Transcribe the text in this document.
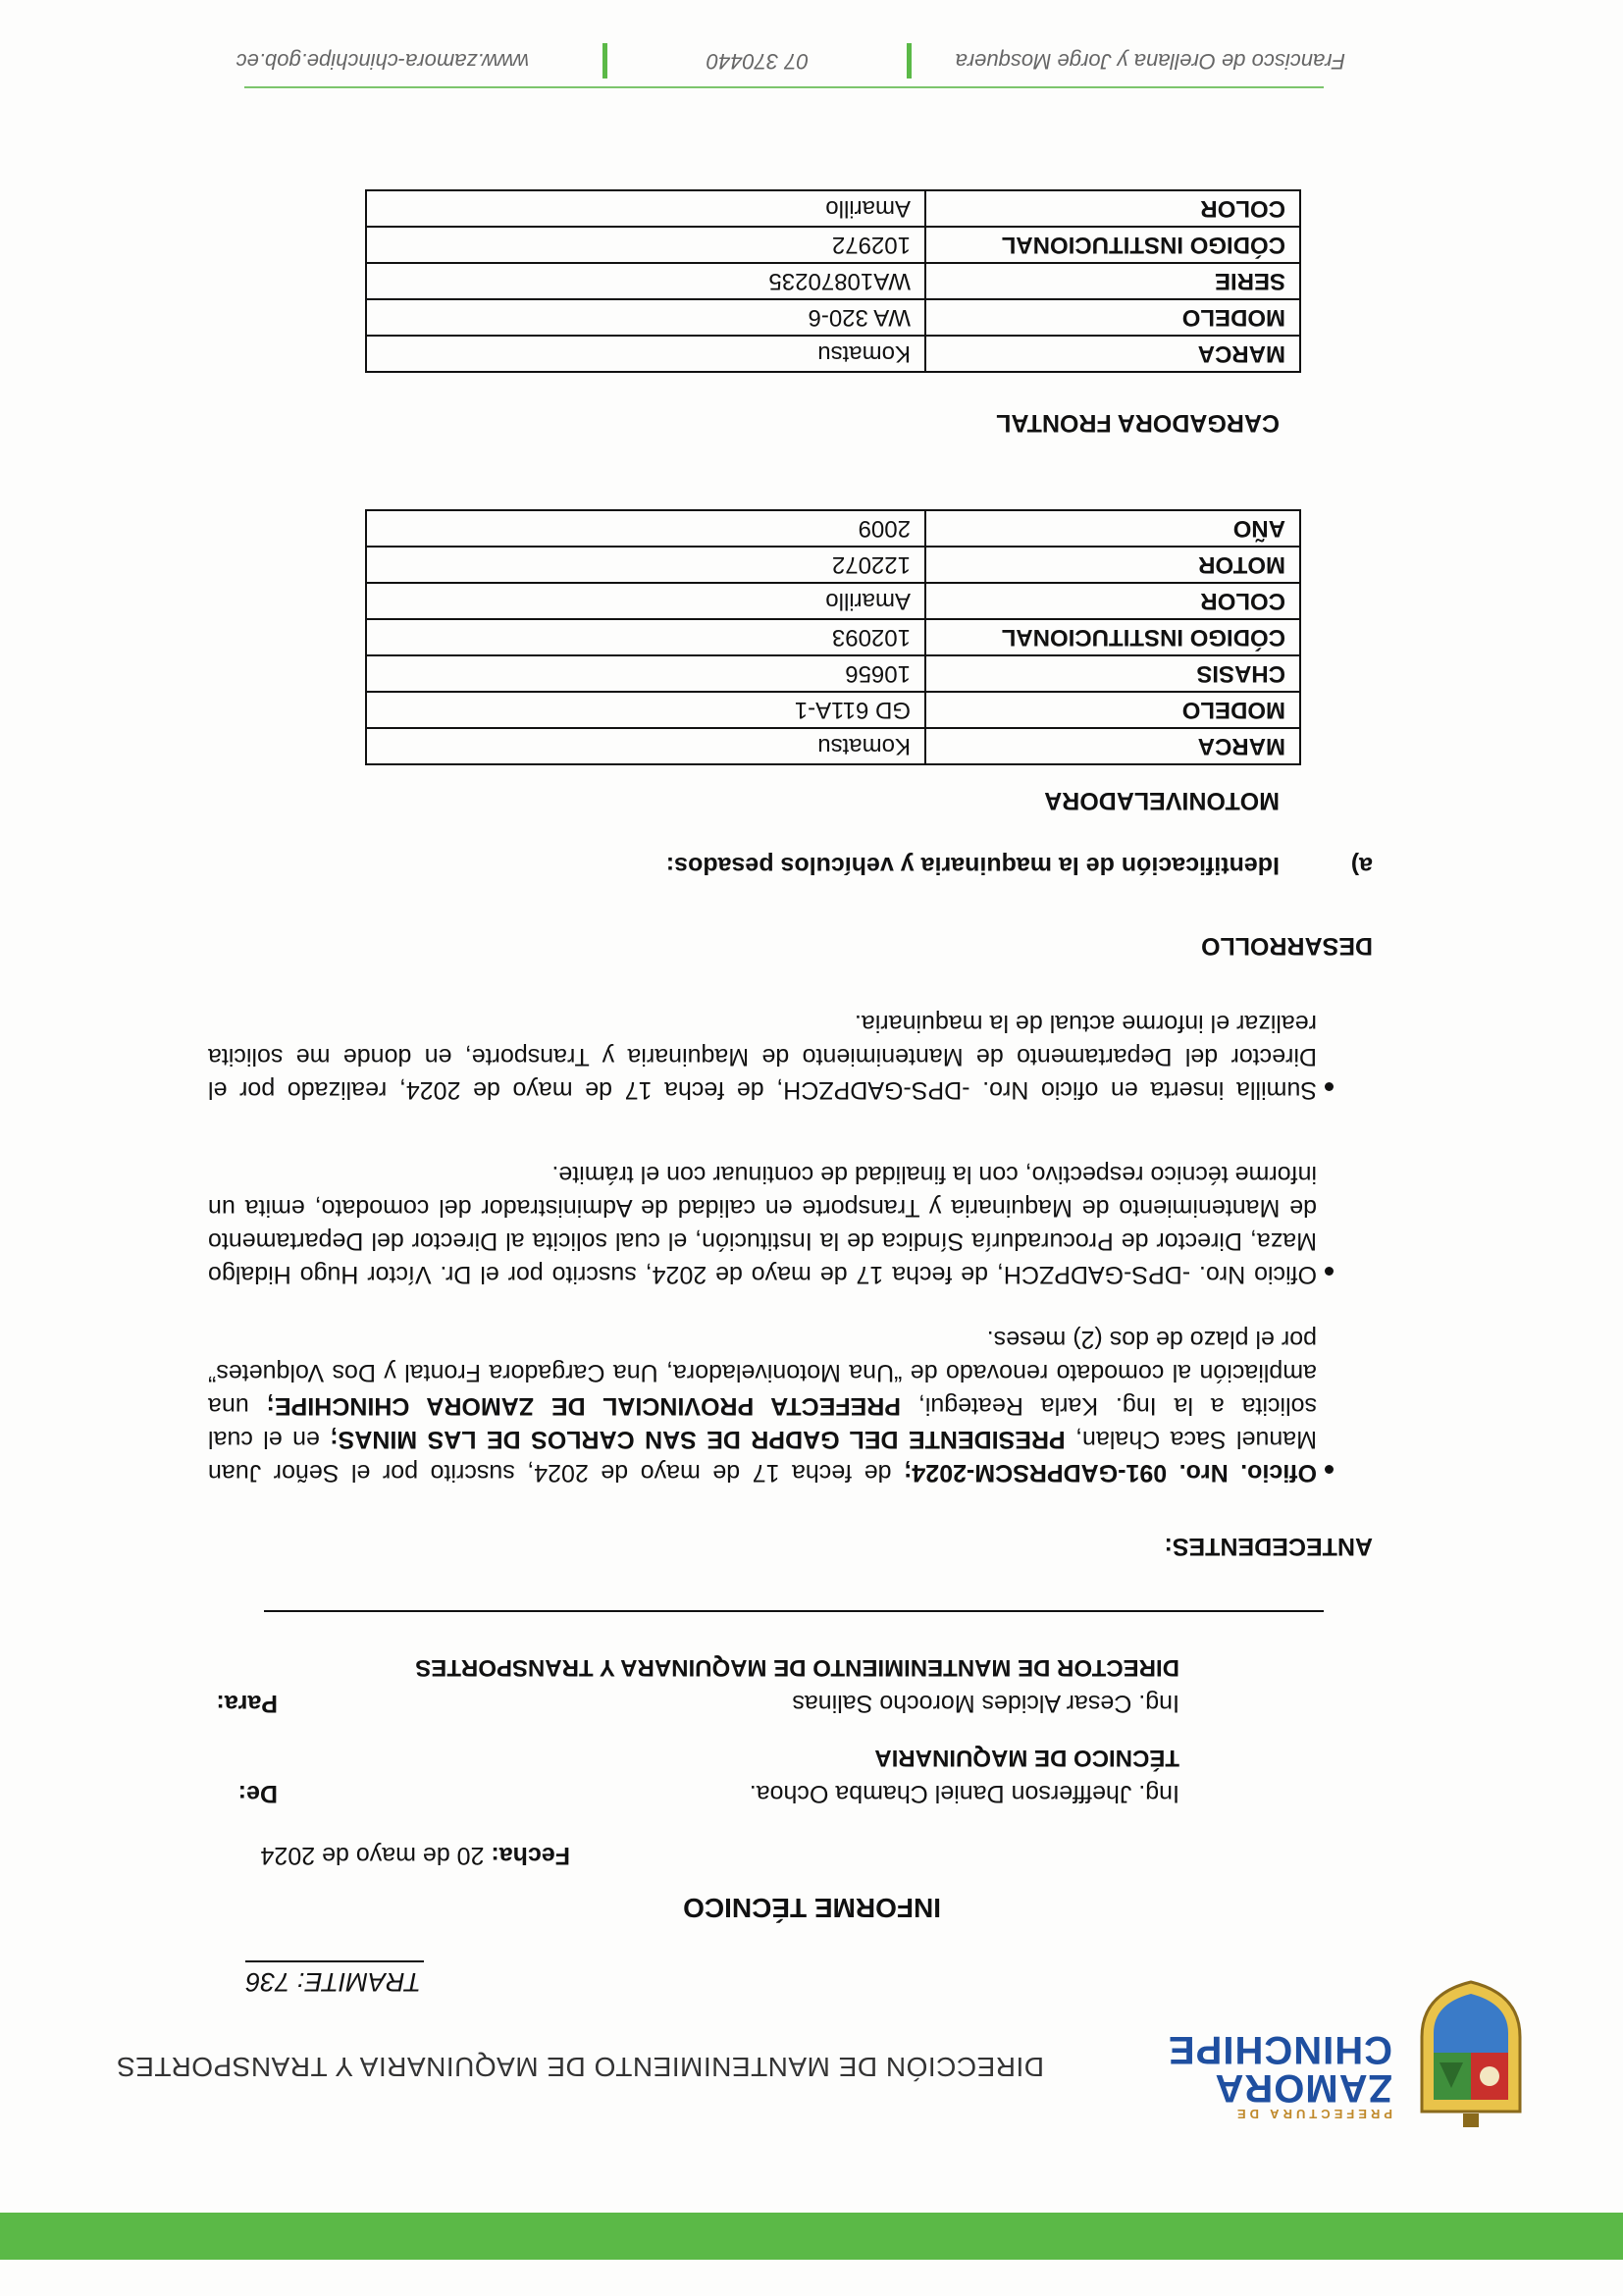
PREFECTURA DE
ZAMORA
CHINCHIPE
DIRECCIÓN DE MANTENIMIENTO DE MAQUINARIA Y TRANSPORTES
TRAMITE: 736
INFORME TÉCNICO
Fecha: 20 de mayo de 2024
De:	Ing. Jheffferson Daniel Chamba Ochoa.
TÉCNICO DE MAQUINARIA
Para:	Ing. Cesar Alcides Morocho Salinas
DIRECTOR DE MANTENIMIENTO DE MAQUINARA Y TRANSPORTES
ANTECEDENTES:
Oficio. Nro. 091-GADPRSCM-2024; de fecha 17 de mayo de 2024, suscrito por el Señor Juan Manuel Saca Chalan, PRESIDENTE DEL GADPR DE SAN CARLOS DE LAS MINAS; en el cual solicita a la Ing. Karla Reategui, PREFECTA PROVINCIAL DE ZAMORA CHINCHIPE; una ampliación al comodato renovado de “Una Motoniveladora, Una Cargadora Frontal y Dos Volquetes” por el plazo de dos (2) meses.
Oficio Nro. -DPS-GADPZCH, de fecha 17 de mayo de 2024, suscrito por el Dr. Víctor Hugo Hidalgo Maza, Director de Procuraduría Síndica de la Institución, el cual solicita al Director del Departamento de Mantenimiento de Maquinaria y Transporte en calidad de Administrador del comodato, emita un informe técnico respectivo, con la finalidad de continuar con el trámite.
Sumilla inserta en oficio Nro. -DPS-GADPZCH, de fecha 17 de mayo de 2024, realizado por el Director del Departamento de Mantenimiento de Maquinaria y Transporte, en donde me solicita realizar el informe actual de la maquinaria.
DESARROLLO
a)
Identificación de la maquinaria y vehículos pesados:
MOTONIVELADORA
MARCA	Komatsu
MODELO	GD 611A-1
CHASIS	10656
CÓDIGO INSTITUCIONAL	102093
COLOR	Amarillo
MOTOR	122072
AÑO	2009
CARGADORA FRONTAL
MARCA	Komatsu
MODELO	WA 320-6
SERIE	WA10870235
CÓDIGO INSTITUCIONAL	102972
COLOR	Amarillo
Francisco de Orellana y Jorge Mosquera
07 370440
www.zamora-chinchipe.gob.ec
